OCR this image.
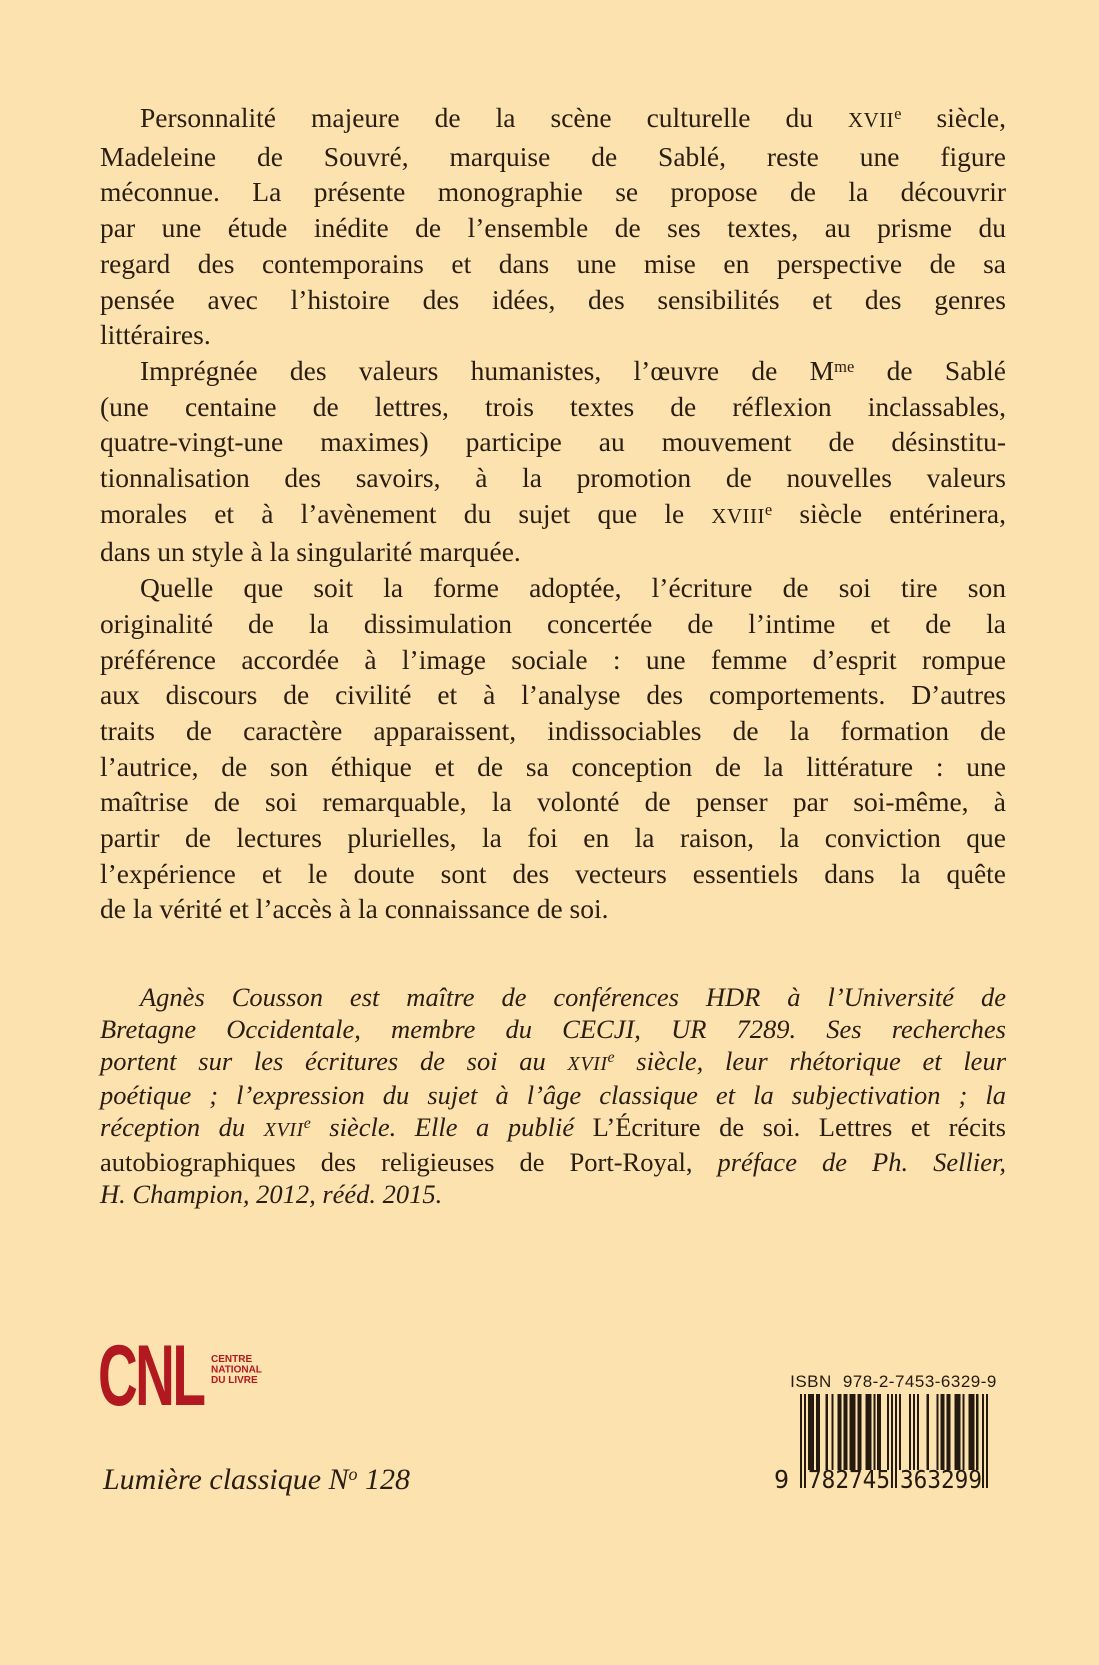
Personnalité majeure de la scène culturelle du XVIIe siècle,
Madeleine de Souvré, marquise de Sablé, reste une figure
méconnue. La présente monographie se propose de la découvrir
par une étude inédite de l’ensemble de ses textes, au prisme du
regard des contemporains et dans une mise en perspective de sa
pensée avec l’histoire des idées, des sensibilités et des genres
littéraires.
Imprégnée des valeurs humanistes, l’œuvre de $M^{me}$ de Sablé
(une centaine de lettres, trois textes de réflexion inclassables,
quatre-vingt-une maximes) participe au mouvement de désinstitu-
tionnalisation des savoirs, à la promotion de nouvelles valeurs
morales et à l’avènement du sujet que le XVIIIe siècle entérinera,
dans un style à la singularité marquée.
Quelle que soit la forme adoptée, l’écriture de soi tire son
originalité de la dissimulation concertée de l’intime et de la
préférence accordée à l’image sociale : une femme d’esprit rompue
aux discours de civilité et à l’analyse des comportements. D’autres
traits de caractère apparaissent, indissociables de la formation de
l’autrice, de son éthique et de sa conception de la littérature : une
maîtrise de soi remarquable, la volonté de penser par soi-même, à
partir de lectures plurielles, la foi en la raison, la conviction que
l’expérience et le doute sont des vecteurs essentiels dans la quête
de la vérité et l’accès à la connaissance de soi.
Agnès Cousson est maître de conférences HDR à l’Université de
Bretagne Occidentale, membre du CECJI, UR 7289. Ses recherches
portent sur les écritures de soi au XVIIe siècle, leur rhétorique et leur
poétique ; l’expression du sujet à l’âge classique et la subjectivation ; la
réception du XVIIe siècle. Elle a publié L’Écriture de soi. Lettres et récits
autobiographiques des religieuses de Port-Royal, préface de Ph. Sellier,
H. Champion, 2012, rééd. 2015.
CNL CENTRE
NATIONAL
DU LIVRE	ISBN 978-2-7453-6329-9
9 782745 363299
Lumière classique $N^o$ 128
